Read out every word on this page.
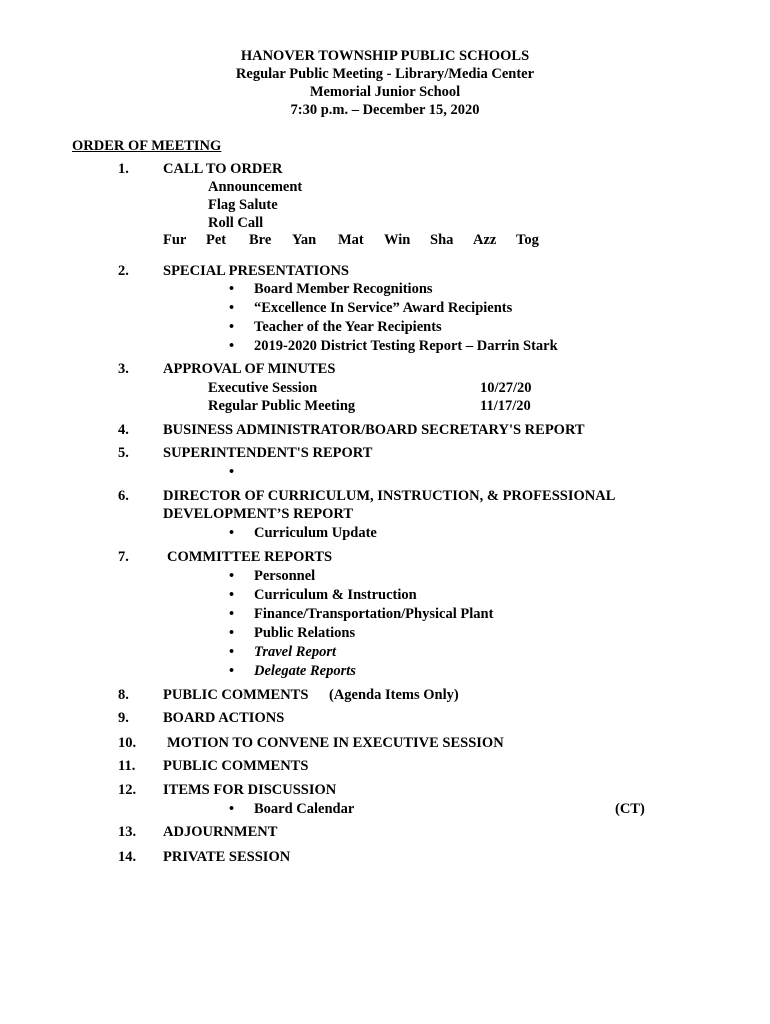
HANOVER TOWNSHIP PUBLIC SCHOOLS
Regular Public Meeting - Library/Media Center
Memorial Junior School
7:30 p.m. – December 15, 2020
ORDER OF MEETING
1. CALL TO ORDER
Announcement
Flag Salute
Roll Call
Fur Pet Bre Yan Mat Win Sha Azz Tog
2. SPECIAL PRESENTATIONS
• Board Member Recognitions
• “Excellence In Service” Award Recipients
• Teacher of the Year Recipients
• 2019-2020 District Testing Report – Darrin Stark
3. APPROVAL OF MINUTES
Executive Session	10/27/20
Regular Public Meeting	11/17/20
4. BUSINESS ADMINISTRATOR/BOARD SECRETARY'S REPORT
5. SUPERINTENDENT'S REPORT
•
6. DIRECTOR OF CURRICULUM, INSTRUCTION, & PROFESSIONAL
DEVELOPMENT’S REPORT
• Curriculum Update
7.	COMMITTEE REPORTS
• Personnel
• Curriculum & Instruction
• Finance/Transportation/Physical Plant
• Public Relations
• Travel Report
• Delegate Reports
8. PUBLIC COMMENTS (Agenda Items Only)
9. BOARD ACTIONS
10. MOTION TO CONVENE IN EXECUTIVE SESSION
11. PUBLIC COMMENTS
12. ITEMS FOR DISCUSSION
• Board Calendar	(CT)
13. ADJOURNMENT
14. PRIVATE SESSION
